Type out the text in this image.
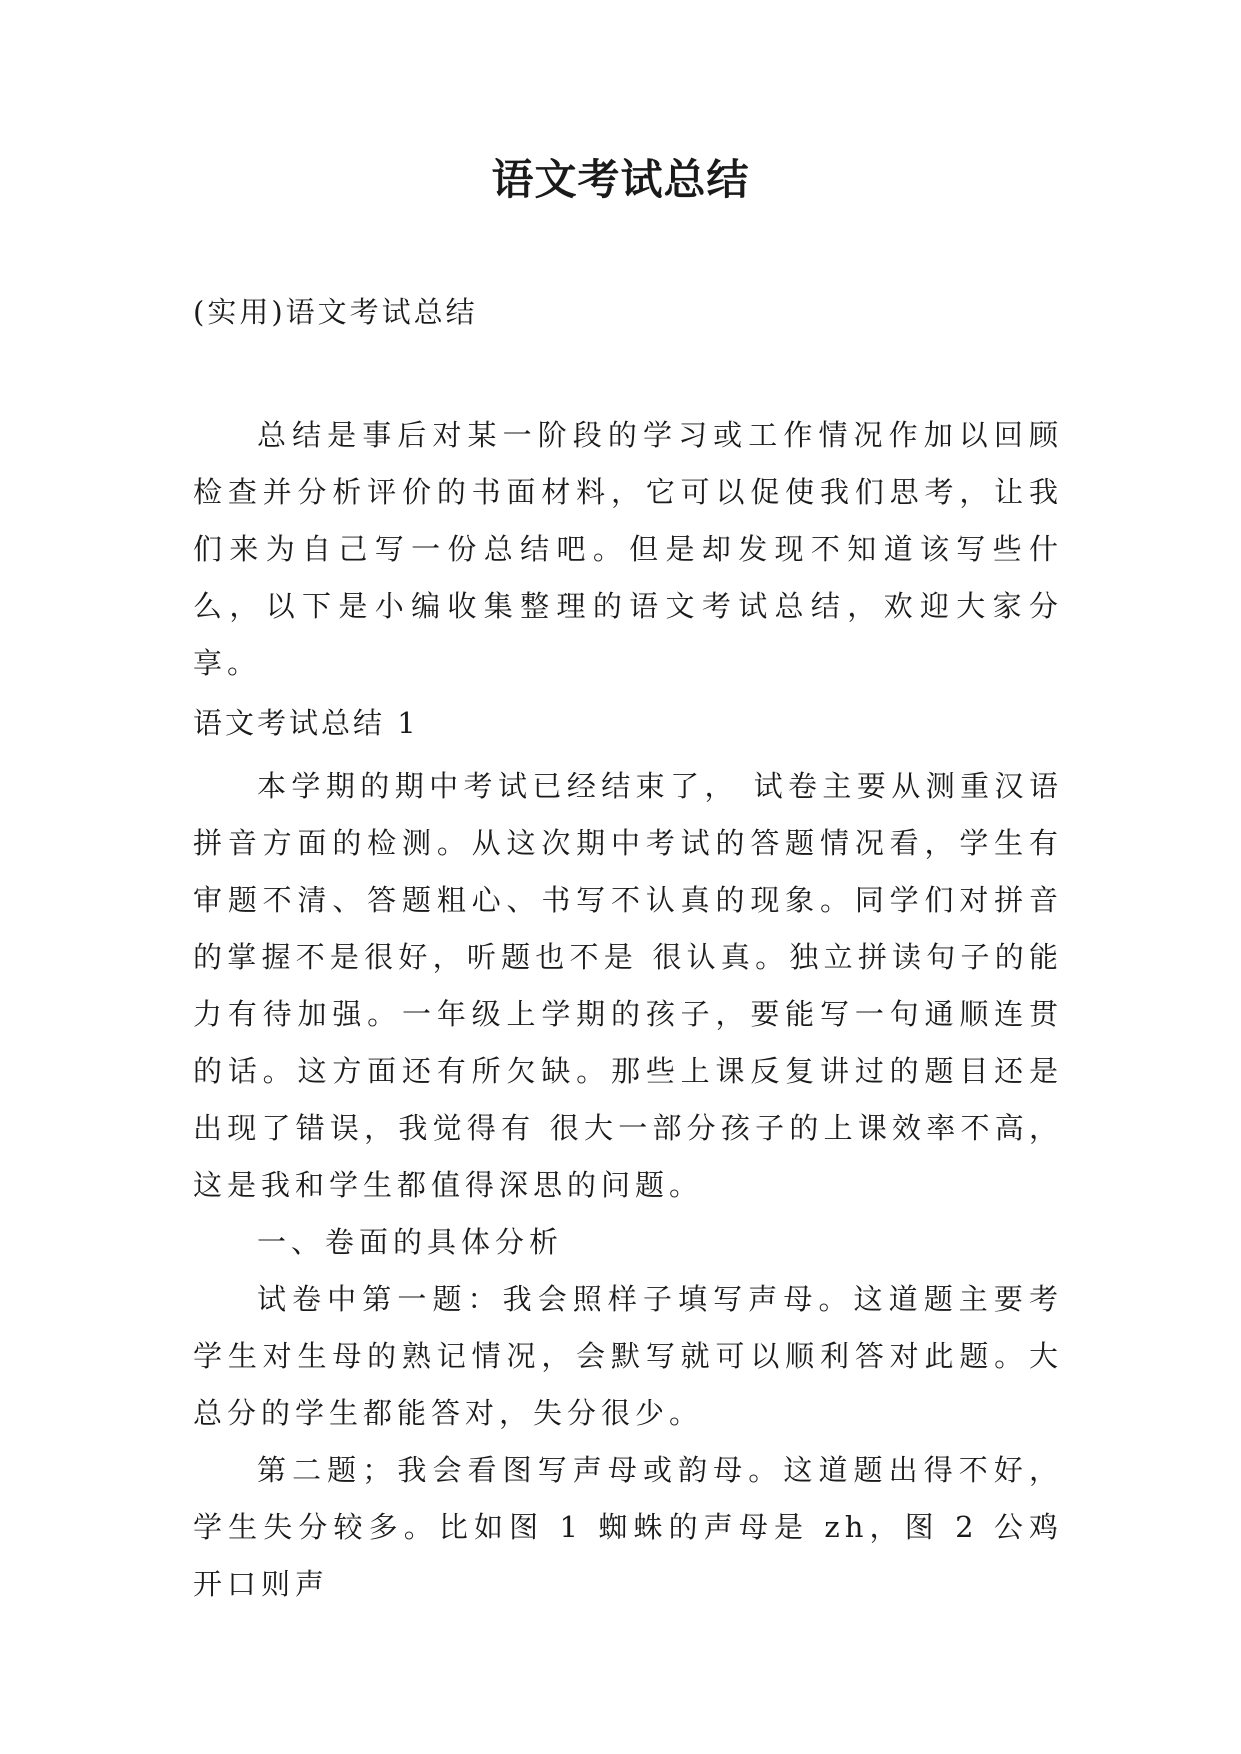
语文考试总结

(实用)语文考试总结

总结是事后对某一阶段的学习或工作情况作加以回顾检查并分析评价的书面材料，它可以促使我们思考，让我们来为自己写一份总结吧。但是却发现不知道该写些什么，以下是小编收集整理的语文考试总结，欢迎大家分享。

语文考试总结 1

本学期的期中考试已经结束了， 试卷主要从测重汉语拼音方面的检测。从这次期中考试的答题情况看，学生有审题不清、答题粗心、书写不认真的现象。同学们对拼音的掌握不是很好，听题也不是 很认真。独立拼读句子的能力有待加强。一年级上学期的孩子，要能写一句通顺连贯的话。这方面还有所欠缺。那些上课反复讲过的题目还是出现了错误，我觉得有 很大一部分孩子的上课效率不高，这是我和学生都值得深思的问题。

一、卷面的具体分析

试卷中第一题：我会照样子填写声母。这道题主要考学生对生母的熟记情况，会默写就可以顺利答对此题。大总分的学生都能答对，失分很少。

第二题；我会看图写声母或韵母。这道题出得不好，学生失分较多。比如图 1 蜘蛛的声母是 zh，图 2 公鸡开口则声
